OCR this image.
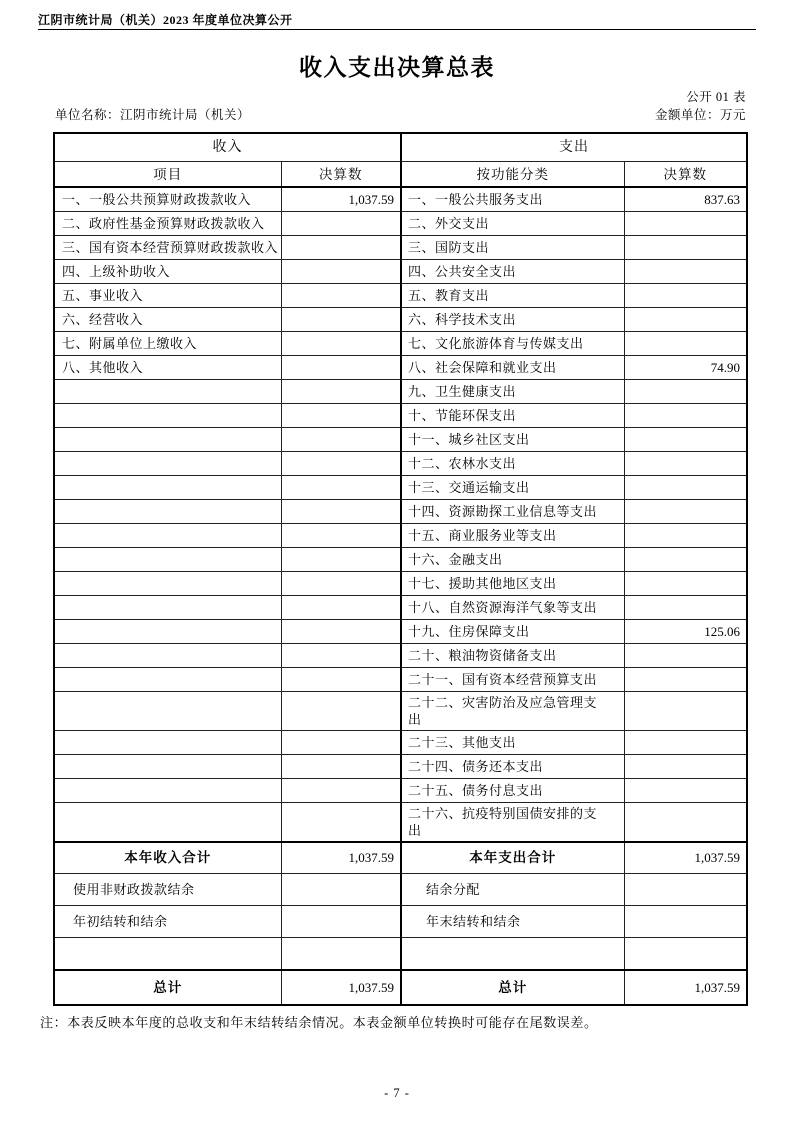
江阴市统计局（机关）2023 年度单位决算公开
收入支出决算总表
公开 01 表
单位名称：江阴市统计局（机关）	金额单位：万元
收入		支出	
项目	决算数	按功能分类	决算数
一、一般公共预算财政拨款收入	1,037.59	一、一般公共服务支出	837.63
二、政府性基金预算财政拨款收入		二、外交支出	
三、国有资本经营预算财政拨款收入		三、国防支出	
四、上级补助收入		四、公共安全支出	
五、事业收入		五、教育支出	
六、经营收入		六、科学技术支出	
七、附属单位上缴收入		七、文化旅游体育与传媒支出	
八、其他收入		八、社会保障和就业支出	74.90
		九、卫生健康支出	
		十、节能环保支出	
		十一、城乡社区支出	
		十二、农林水支出	
		十三、交通运输支出	
		十四、资源勘探工业信息等支出	
		十五、商业服务业等支出	
		十六、金融支出	
		十七、援助其他地区支出	
		十八、自然资源海洋气象等支出	
		十九、住房保障支出	125.06
		二十、粮油物资储备支出	
		二十一、国有资本经营预算支出	
		二十二、灾害防治及应急管理支出	
		二十三、其他支出	
		二十四、债务还本支出	
		二十五、债务付息支出	
		二十六、抗疫特别国债安排的支出	
本年收入合计	1,037.59	本年支出合计	1,037.59
使用非财政拨款结余		结余分配	
年初结转和结余		年末结转和结余	

总计	1,037.59	总计	1,037.59
注：本表反映本年度的总收支和年末结转结余情况。本表金额单位转换时可能存在尾数误差。
- 7 -
